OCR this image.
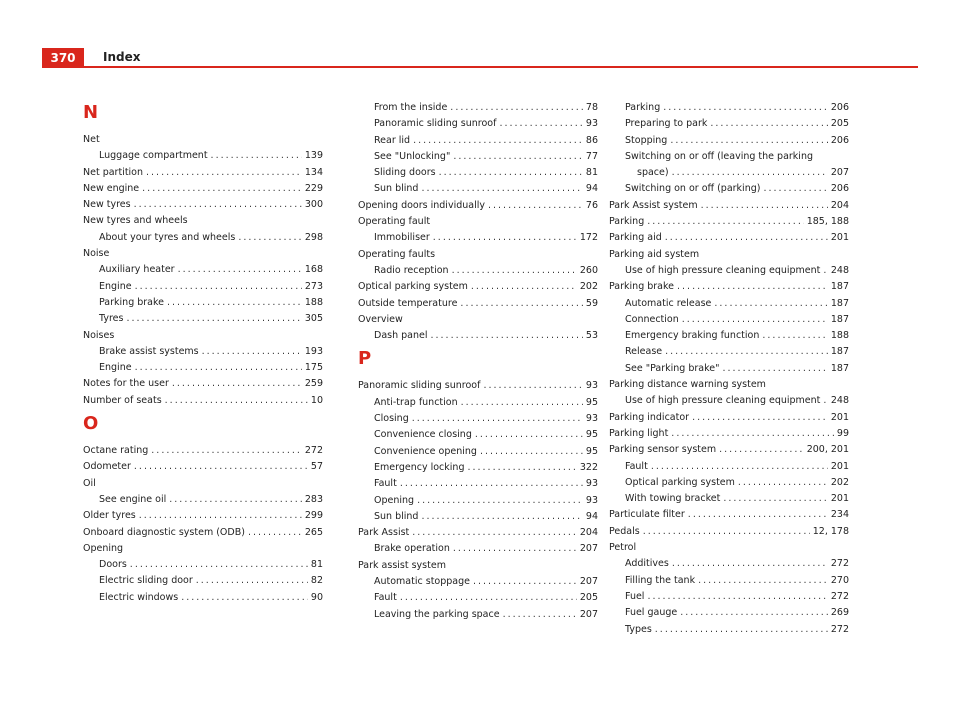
370	Index
N
Net
Luggage compartment .....	139
Net partition .....	134
New engine .....	229
New tyres .....	300
New tyres and wheels
About your tyres and wheels .....	298
Noise
Auxiliary heater .....	168
Engine .....	273
Parking brake .....	188
Tyres .....	305
Noises
Brake assist systems .....	193
Engine .....	175
Notes for the user .....	259
Number of seats .....	10
O
Octane rating .....	272
Odometer .....	57
Oil
See engine oil .....	283
Older tyres .....	299
Onboard diagnostic system (ODB) .....	265
Opening
Doors .....	81
Electric sliding door .....	82
Electric windows .....	90
From the inside .....	78
Panoramic sliding sunroof .....	93
Rear lid .....	86
See "Unlocking" .....	77
Sliding doors .....	81
Sun blind .....	94
Opening doors individually .....	76
Operating fault
Immobiliser .....	172
Operating faults
Radio reception .....	260
Optical parking system .....	202
Outside temperature .....	59
Overview
Dash panel .....	53
P
Panoramic sliding sunroof .....	93
Anti-trap function .....	95
Closing .....	93
Convenience closing .....	95
Convenience opening .....	95
Emergency locking .....	322
Fault .....	93
Opening .....	93
Sun blind .....	94
Park Assist .....	204
Brake operation .....	207
Park assist system
Automatic stoppage .....	207
Fault .....	205
Leaving the parking space .....	207
Parking .....	206
Preparing to park .....	205
Stopping .....	206
Switching on or off (leaving the parking
space) .....	207
Switching on or off (parking) .....	206
Park Assist system .....	204
Parking .....	185, 188
Parking aid .....	201
Parking aid system
Use of high pressure cleaning equipment ..... 248
Parking brake .....	187
Automatic release .....	187
Connection .....	187
Emergency braking function .....	188
Release .....	187
See "Parking brake" .....	187
Parking distance warning system
Use of high pressure cleaning equipment ..... 248
Parking indicator .....	201
Parking light .....	99
Parking sensor system .....	200, 201
Fault .....	201
Optical parking system .....	202
With towing bracket .....	201
Particulate filter .....	234
Pedals .....	12, 178
Petrol
Additives .....	272
Filling the tank .....	270
Fuel .....	272
Fuel gauge .....	269
Types .....	272
